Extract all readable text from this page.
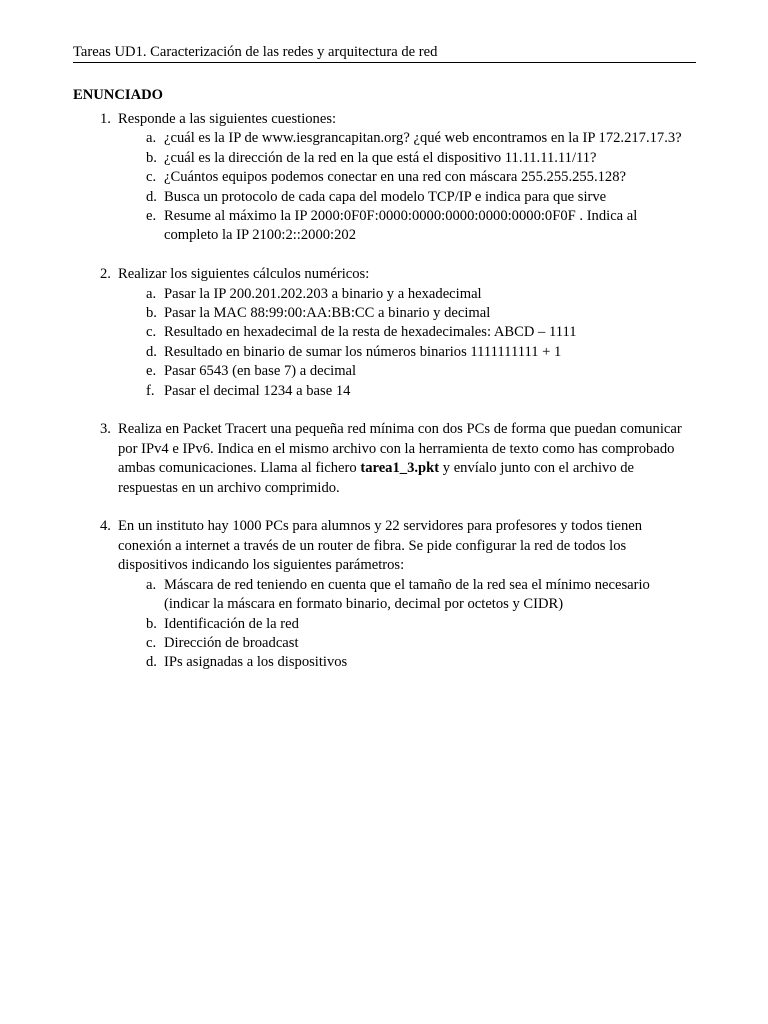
Tareas UD1. Caracterización de las redes y arquitectura de red
ENUNCIADO
1. Responde a las siguientes cuestiones:
a. ¿cuál es la IP de www.iesgrancapitan.org? ¿qué web encontramos en la IP 172.217.17.3?
b. ¿cuál es la dirección de la red en la que está el dispositivo 11.11.11.11/11?
c. ¿Cuántos equipos podemos conectar en una red con máscara 255.255.255.128?
d. Busca un protocolo de cada capa del modelo TCP/IP e indica para que sirve
e. Resume al máximo la IP 2000:0F0F:0000:0000:0000:0000:0000:0F0F . Indica al completo la IP 2100:2::2000:202
2. Realizar los siguientes cálculos numéricos:
a. Pasar la IP 200.201.202.203 a binario y a hexadecimal
b. Pasar la MAC 88:99:00:AA:BB:CC a binario y decimal
c. Resultado en hexadecimal de la resta de hexadecimales: ABCD – 1111
d. Resultado en binario de sumar los números binarios 1111111111 + 1
e. Pasar 6543 (en base 7) a decimal
f. Pasar el decimal 1234 a base 14
3. Realiza en Packet Tracert una pequeña red mínima con dos PCs de forma que puedan comunicar por IPv4 e IPv6. Indica en el mismo archivo con la herramienta de texto como has comprobado ambas comunicaciones. Llama al fichero tarea1_3.pkt y envíalo junto con el archivo de respuestas en un archivo comprimido.
4. En un instituto hay 1000 PCs para alumnos y 22 servidores para profesores y todos tienen conexión a internet a través de un router de fibra. Se pide configurar la red de todos los dispositivos indicando los siguientes parámetros:
a. Máscara de red teniendo en cuenta que el tamaño de la red sea el mínimo necesario (indicar la máscara en formato binario, decimal por octetos y CIDR)
b. Identificación de la red
c. Dirección de broadcast
d. IPs asignadas a los dispositivos
